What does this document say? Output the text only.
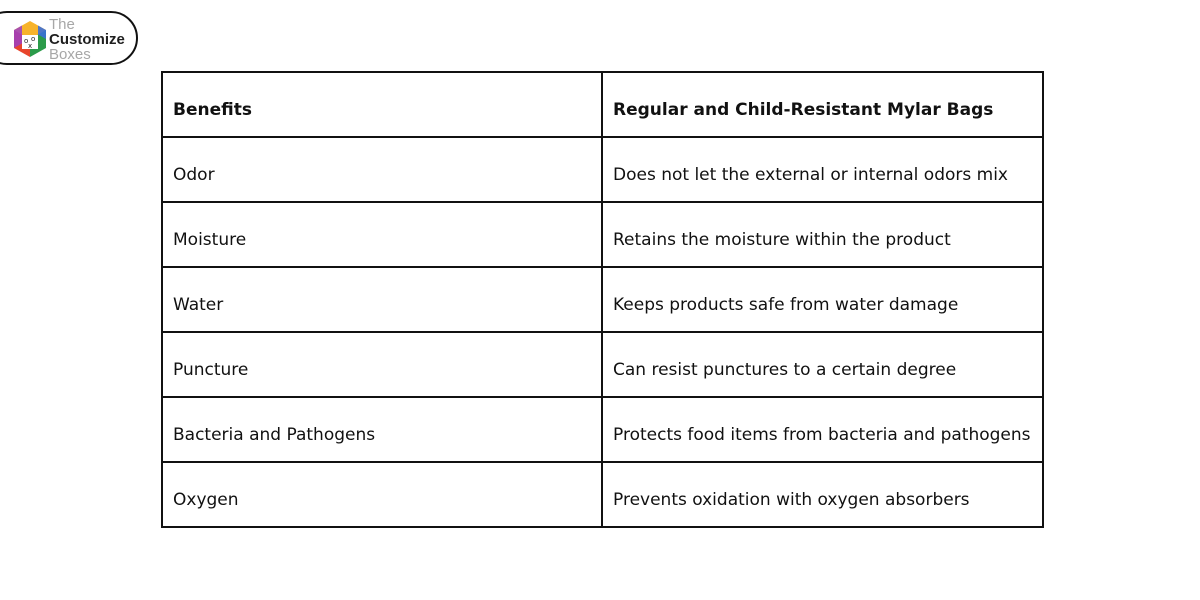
o o
x
The
Customize
Boxes
Benefits	Regular and Child-Resistant Mylar Bags
Odor	Does not let the external or internal odors mix
Moisture	Retains the moisture within the product
Water	Keeps products safe from water damage
Puncture	Can resist punctures to a certain degree
Bacteria and Pathogens	Protects food items from bacteria and pathogens
Oxygen	Prevents oxidation with oxygen absorbers
